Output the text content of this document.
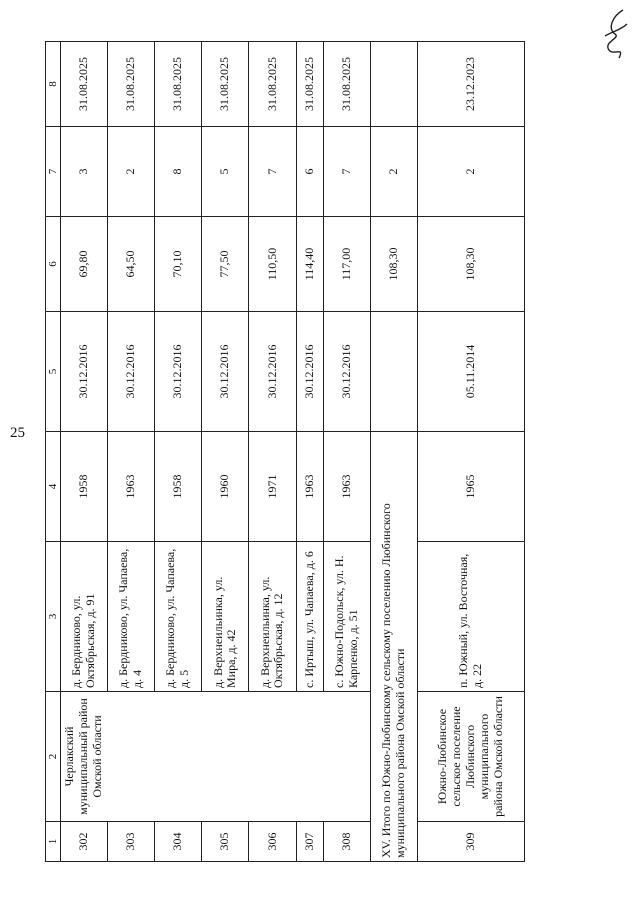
25
1	2	3	4	5	6	7	8
302	Черлакский муниципальный район Омской области	д. Бердниково, ул. Октябрьская, д. 91	1958	30.12.2016	69,80	3	31.08.2025
303		д. Бердниково, ул. Чапаева, д. 4	1963	30.12.2016	64,50	2	31.08.2025
304		д. Бердниково, ул. Чапаева, д. 5	1958	30.12.2016	70,10	8	31.08.2025
305		д. Верхнеильинка, ул. Мира, д. 42	1960	30.12.2016	77,50	5	31.08.2025
306		д. Верхнеильинка, ул. Октябрьская, д. 12	1971	30.12.2016	110,50	7	31.08.2025
307		с. Иртыш, ул. Чапаева, д. 6	1963	30.12.2016	114,40	6	31.08.2025
308		с. Южно-Подольск, ул. Н. Карпенко, д. 51	1963	30.12.2016	117,00	7	31.08.2025
XV. Итого по Южно-Любинскому сельскому поселению Любинского муниципального района Омской области					108,30	2	
309	Южно-Любинское сельское поселение Любинского муниципального района Омской области	п. Южный, ул. Восточная, д. 22	1965	05.11.2014	108,30	2	23.12.2023
